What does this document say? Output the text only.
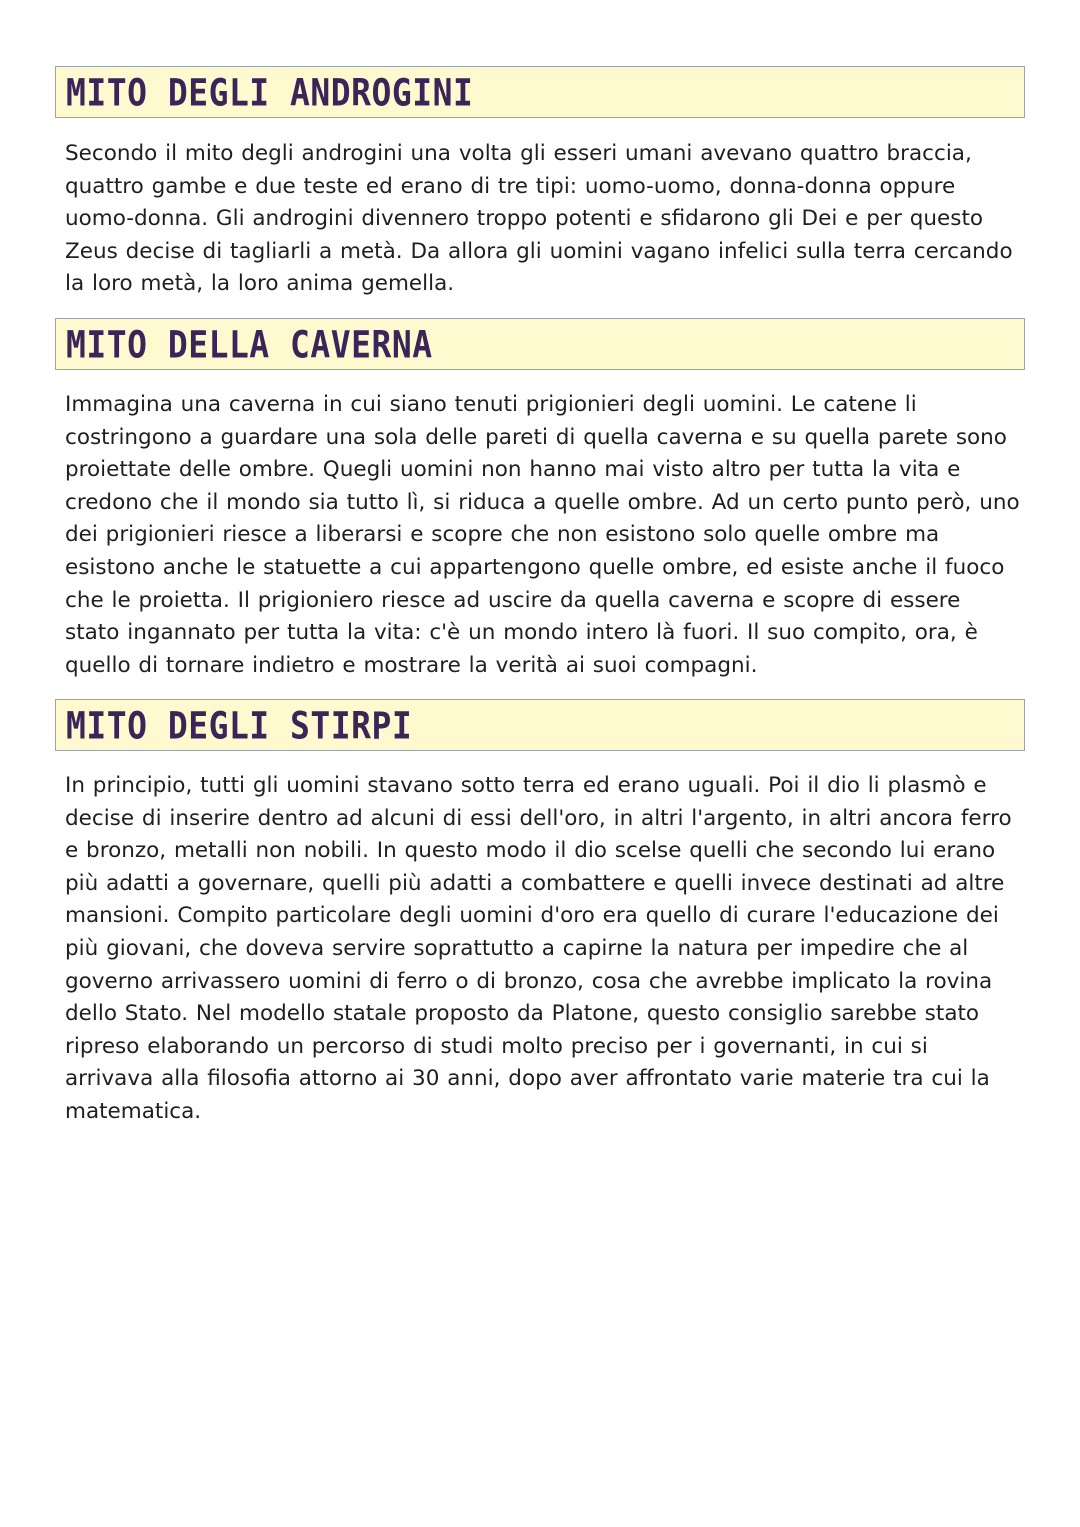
MITO DEGLI ANDROGINI

Secondo il mito degli androgini una volta gli esseri umani avevano quattro braccia, quattro gambe e due teste ed erano di tre tipi: uomo-uomo, donna-donna oppure uomo-donna. Gli androgini divennero troppo potenti e sfidarono gli Dei e per questo Zeus decise di tagliarli a metà. Da allora gli uomini vagano infelici sulla terra cercando la loro metà, la loro anima gemella.

MITO DELLA CAVERNA

Immagina una caverna in cui siano tenuti prigionieri degli uomini. Le catene li costringono a guardare una sola delle pareti di quella caverna e su quella parete sono proiettate delle ombre. Quegli uomini non hanno mai visto altro per tutta la vita e credono che il mondo sia tutto lì, si riduca a quelle ombre. Ad un certo punto però, uno dei prigionieri riesce a liberarsi e scopre che non esistono solo quelle ombre ma esistono anche le statuette a cui appartengono quelle ombre, ed esiste anche il fuoco che le proietta. Il prigioniero riesce ad uscire da quella caverna e scopre di essere stato ingannato per tutta la vita: c'è un mondo intero là fuori. Il suo compito, ora, è quello di tornare indietro e mostrare la verità ai suoi compagni.

MITO DEGLI STIRPI

In principio, tutti gli uomini stavano sotto terra ed erano uguali. Poi il dio li plasmò e decise di inserire dentro ad alcuni di essi dell'oro, in altri l'argento, in altri ancora ferro e bronzo, metalli non nobili. In questo modo il dio scelse quelli che secondo lui erano più adatti a governare, quelli più adatti a combattere e quelli invece destinati ad altre mansioni. Compito particolare degli uomini d'oro era quello di curare l'educazione dei più giovani, che doveva servire soprattutto a capirne la natura per impedire che al governo arrivassero uomini di ferro o di bronzo, cosa che avrebbe implicato la rovina dello Stato. Nel modello statale proposto da Platone, questo consiglio sarebbe stato ripreso elaborando un percorso di studi molto preciso per i governanti, in cui si arrivava alla filosofia attorno ai 30 anni, dopo aver affrontato varie materie tra cui la matematica.
